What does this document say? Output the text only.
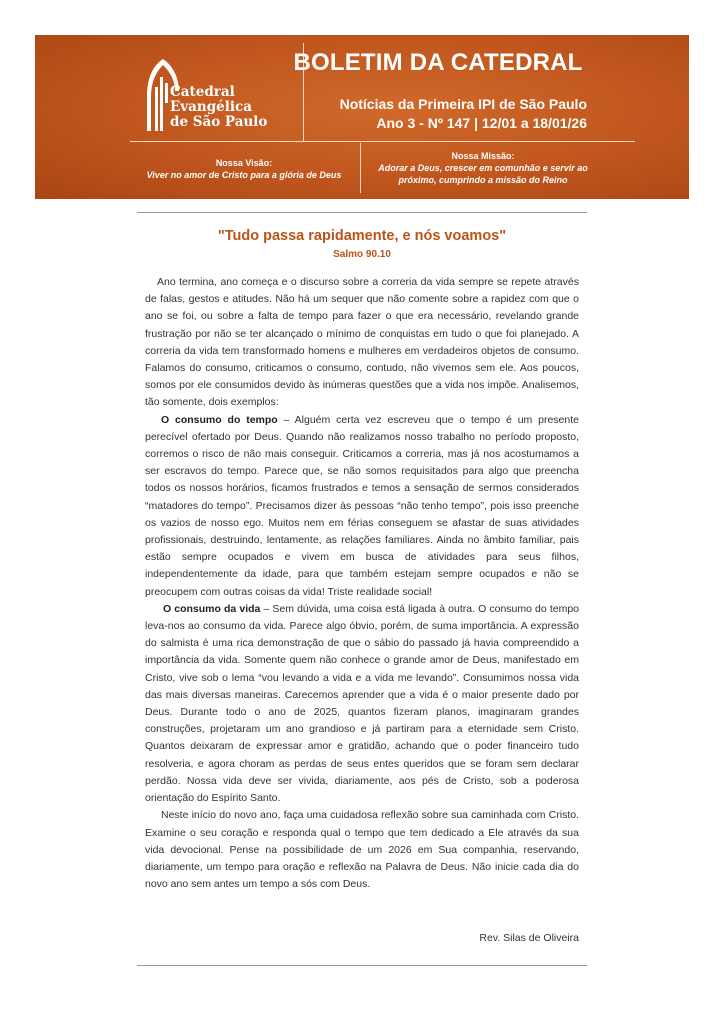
Catedral
Evangélica
de São Paulo
BOLETIM DA CATEDRAL
Notícias da Primeira IPI de São Paulo
Ano 3 - Nº 147 | 12/01 a 18/01/26
Nossa Visão:
Viver no amor de Cristo para a glória de Deus
Nossa Missão:
Adorar a Deus, crescer em comunhão e servir ao próximo, cumprindo a missão do Reino
"Tudo passa rapidamente, e nós voamos"
Salmo 90.10

Ano termina, ano começa e o discurso sobre a correria da vida sempre se repete através de falas, gestos e atitudes. Não há um sequer que não comente sobre a rapidez com que o ano se foi, ou sobre a falta de tempo para fazer o que era necessário, revelando grande frustração por não se ter alcançado o mínimo de conquistas em tudo o que foi planejado. A correria da vida tem transformado homens e mulheres em verdadeiros objetos de consumo. Falamos do consumo, criticamos o consumo, contudo, não vivemos sem ele. Aos poucos, somos por ele consumidos devido às inúmeras questões que a vida nos impõe. Analisemos, tão somente, dois exemplos:

O consumo do tempo – Alguém certa vez escreveu que o tempo é um presente perecível ofertado por Deus. Quando não realizamos nosso trabalho no período proposto, corremos o risco de não mais conseguir. Criticamos a correria, mas já nos acostumamos a ser escravos do tempo. Parece que, se não somos requisitados para algo que preencha todos os nossos horários, ficamos frustrados e temos a sensação de sermos considerados “matadores do tempo”. Precisamos dizer às pessoas “não tenho tempo”, pois isso preenche os vazios de nosso ego. Muitos nem em férias conseguem se afastar de suas atividades profissionais, destruindo, lentamente, as relações familiares. Ainda no âmbito familiar, pais estão sempre ocupados e vivem em busca de atividades para seus filhos, independentemente da idade, para que também estejam sempre ocupados e não se preocupem com outras coisas da vida! Triste realidade social!

O consumo da vida – Sem dúvida, uma coisa está ligada à outra. O consumo do tempo leva-nos ao consumo da vida. Parece algo óbvio, porém, de suma importância. A expressão do salmista é uma rica demonstração de que o sábio do passado já havia compreendido a importância da vida. Somente quem não conhece o grande amor de Deus, manifestado em Cristo, vive sob o lema “vou levando a vida e a vida me levando”. Consumimos nossa vida das mais diversas maneiras. Carecemos aprender que a vida é o maior presente dado por Deus. Durante todo o ano de 2025, quantos fizeram planos, imaginaram grandes construções, projetaram um ano grandioso e já partiram para a eternidade sem Cristo. Quantos deixaram de expressar amor e gratidão, achando que o poder financeiro tudo resolveria, e agora choram as perdas de seus entes queridos que se foram sem declarar perdão. Nossa vida deve ser vivida, diariamente, aos pés de Cristo, sob a poderosa orientação do Espírito Santo.

Neste início do novo ano, faça uma cuidadosa reflexão sobre sua caminhada com Cristo. Examine o seu coração e responda qual o tempo que tem dedicado a Ele através da sua vida devocional. Pense na possibilidade de um 2026 em Sua companhia, reservando, diariamente, um tempo para oração e reflexão na Palavra de Deus. Não inicie cada dia do novo ano sem antes um tempo a sós com Deus.

Rev. Silas de Oliveira
